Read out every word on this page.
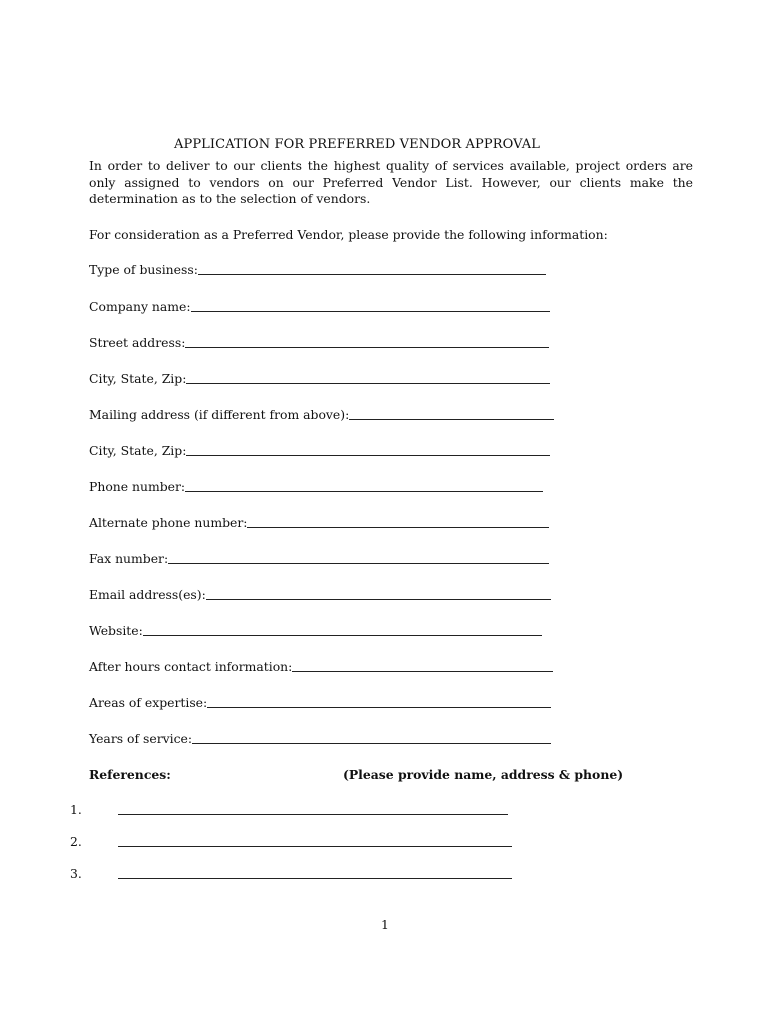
APPLICATION FOR PREFERRED VENDOR APPROVAL

In order to deliver to our clients the highest quality of services available, project orders are only assigned to vendors on our Preferred Vendor List. However, our clients make the determination as to the selection of vendors.

For consideration as a Preferred Vendor, please provide the following information:

Type of business:
Company name:
Street address:
City, State, Zip:
Mailing address (if different from above):
City, State, Zip:
Phone number:
Alternate phone number:
Fax number:
Email address(es):
Website:
After hours contact information:
Areas of expertise:
Years of service:

References:	(Please provide name, address & phone)

1.
2.
3.

1
